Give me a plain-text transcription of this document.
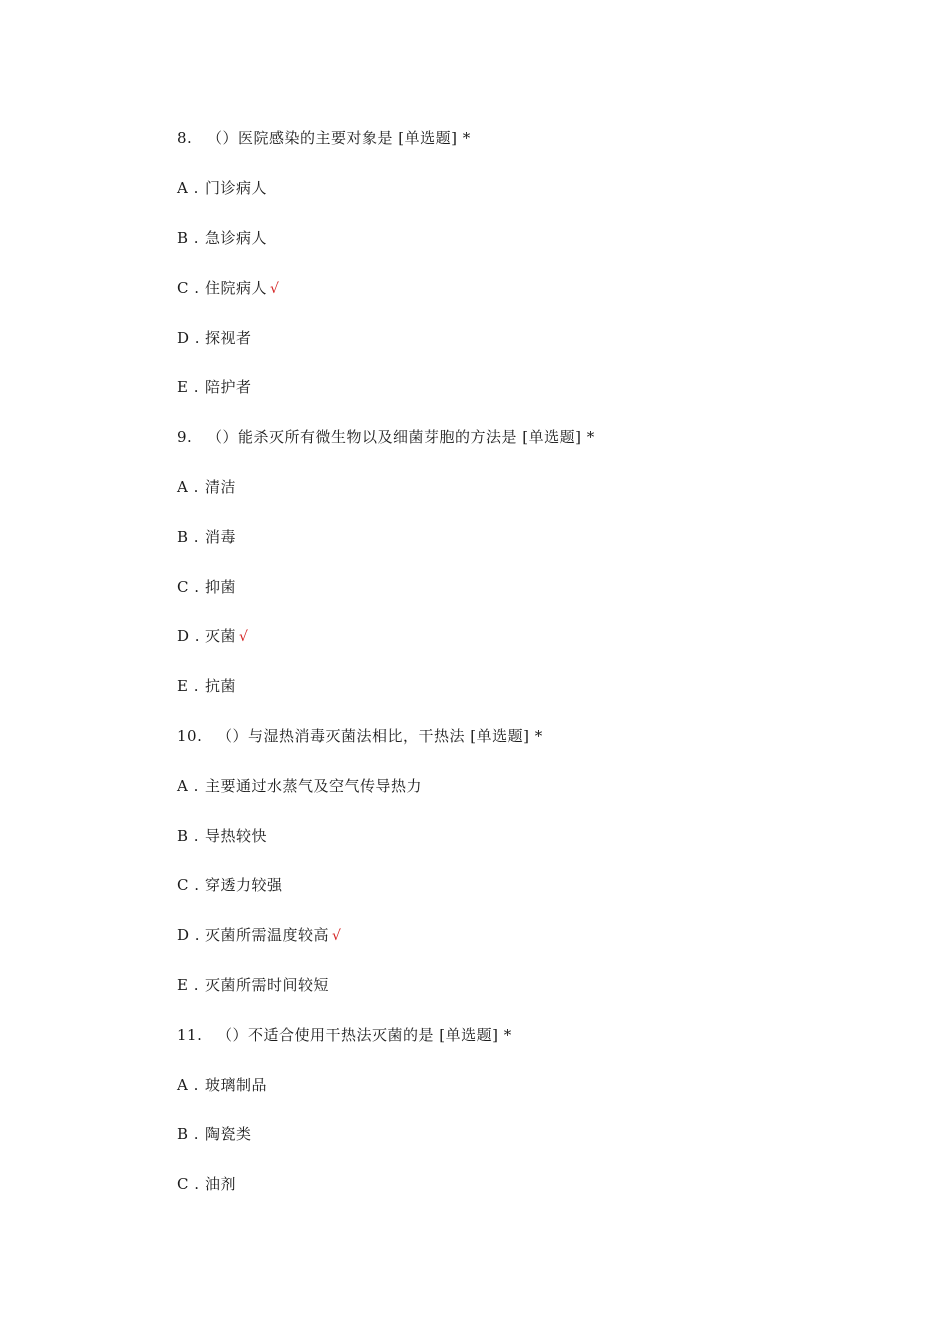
8. （）医院感染的主要对象是 [单选题] *
A . 门诊病人
B . 急诊病人
C . 住院病人 √
D . 探视者
E . 陪护者
9. （）能杀灭所有微生物以及细菌芽胞的方法是 [单选题] *
A . 清洁
B . 消毒
C . 抑菌
D . 灭菌 √
E . 抗菌
10. （）与湿热消毒灭菌法相比，干热法 [单选题] *
A . 主要通过水蒸气及空气传导热力
B . 导热较快
C . 穿透力较强
D . 灭菌所需温度较高 √
E . 灭菌所需时间较短
11. （）不适合使用干热法灭菌的是 [单选题] *
A . 玻璃制品
B . 陶瓷类
C . 油剂
